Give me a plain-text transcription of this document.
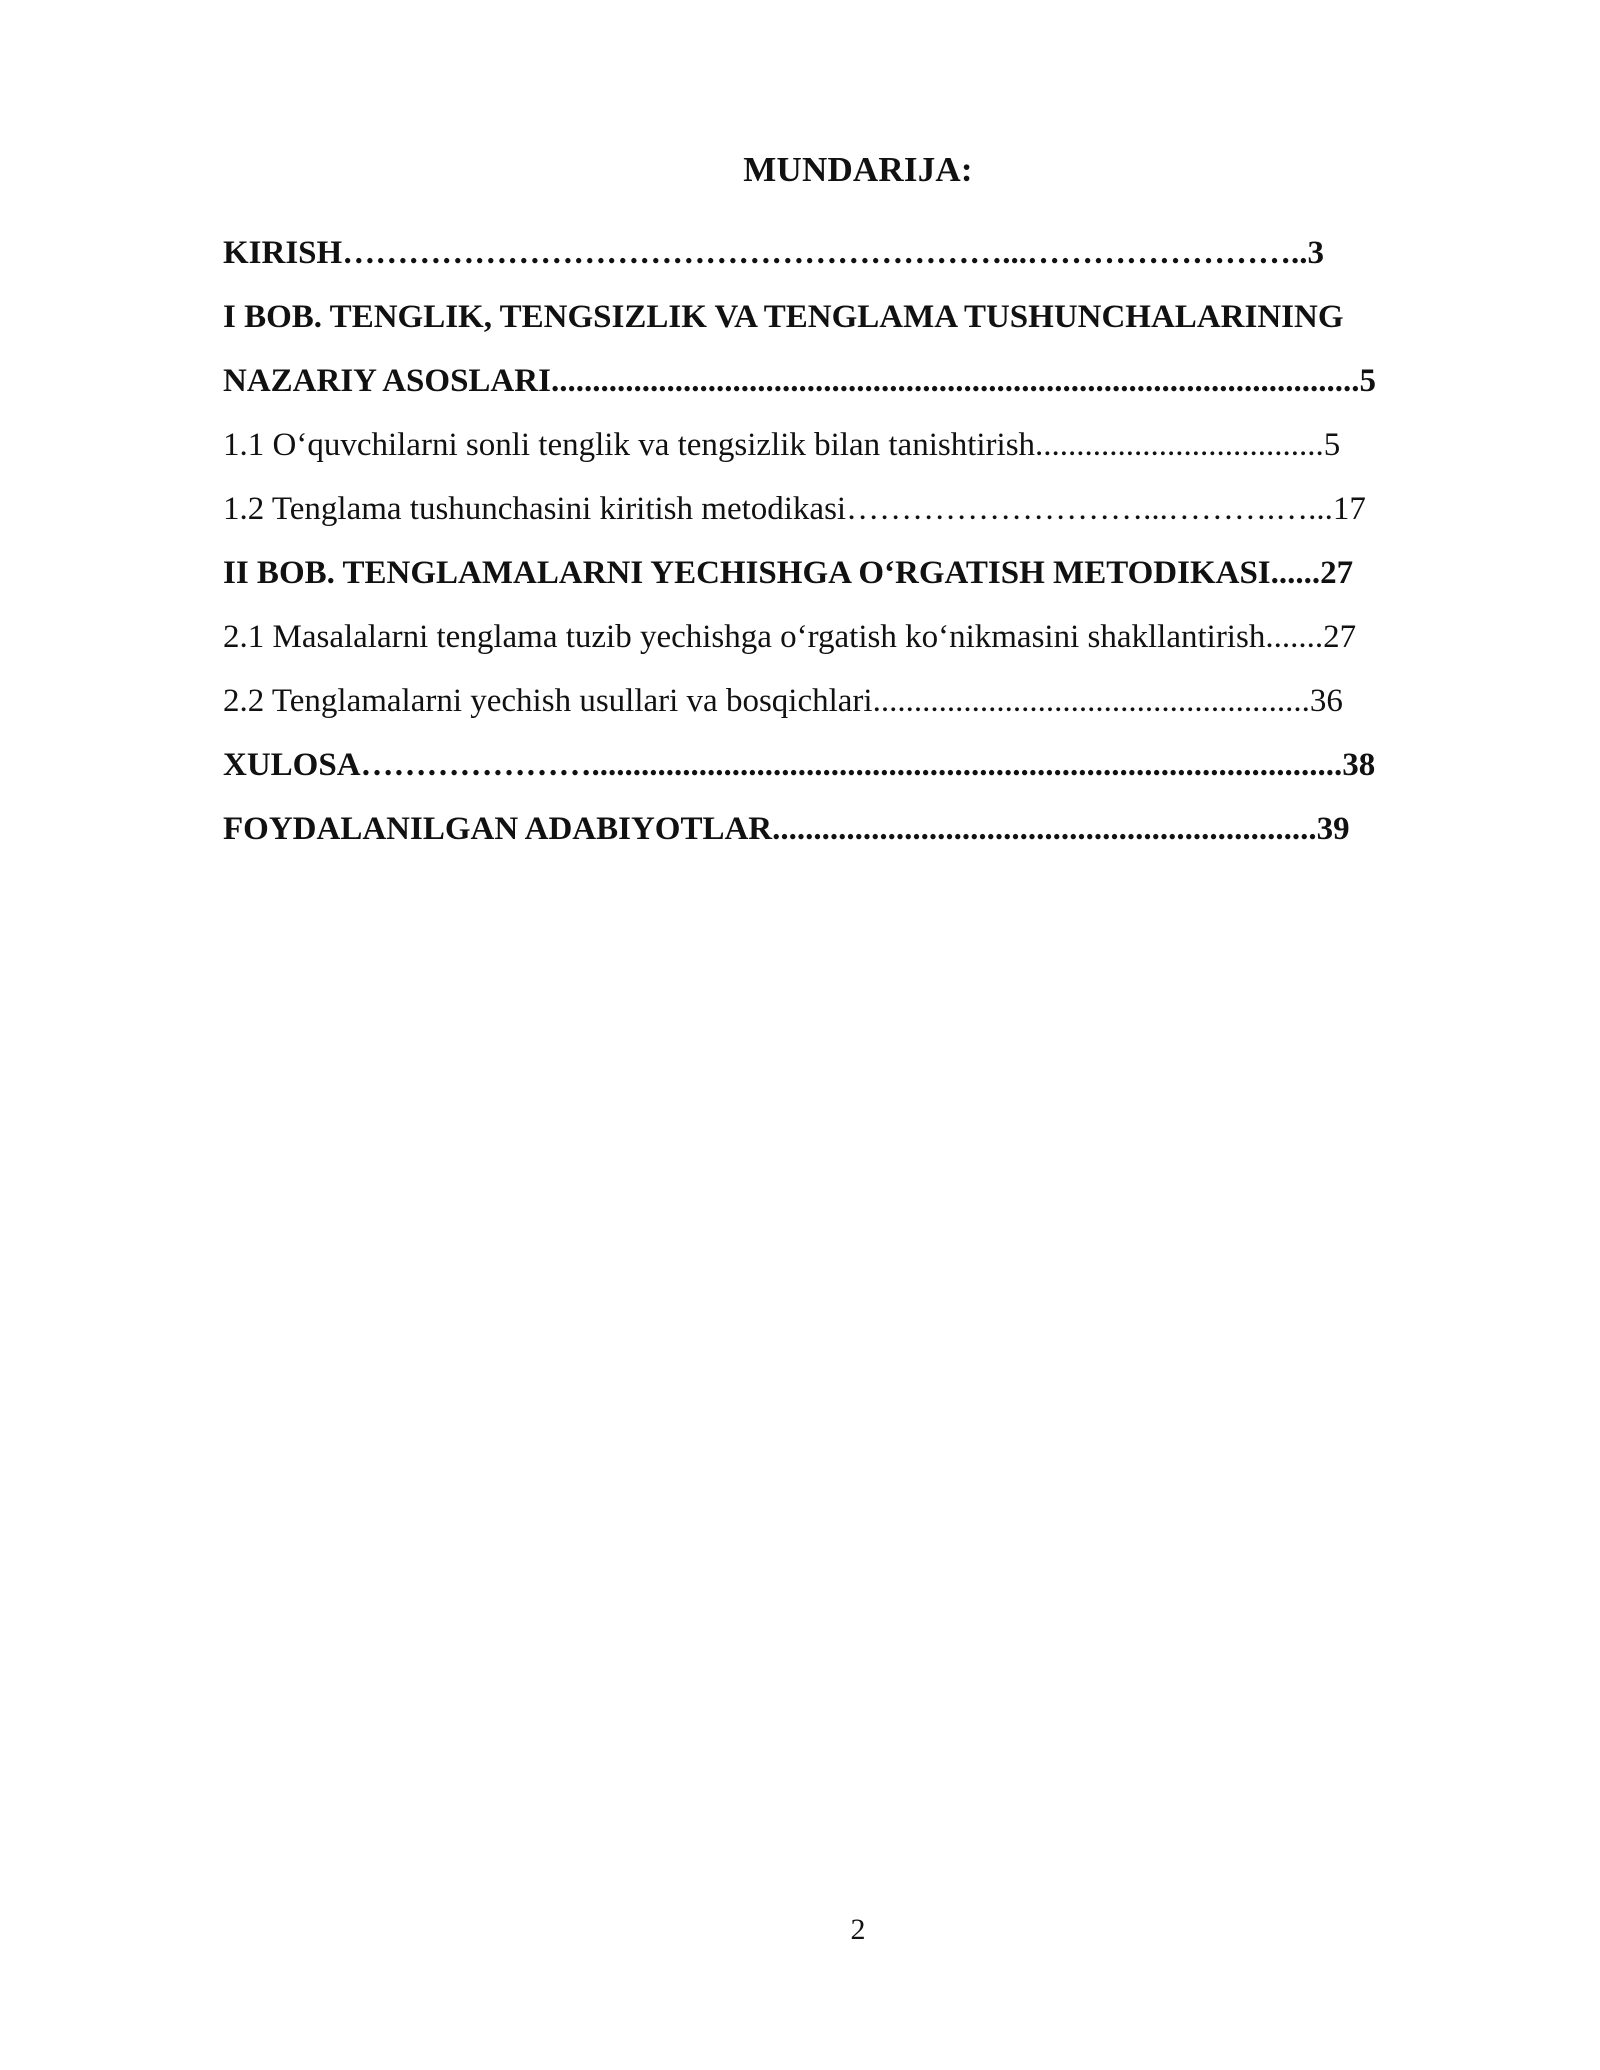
MUNDARIJA:
KIRISH……………………………………………………...……………………..3
I BOB. TENGLIK, TENGSIZLIK VA TENGLAMA TUSHUNCHALARINING
NAZARIY ASOSLARI..................................................................................................5
1.1 O‘quvchilarni sonli tenglik va tengsizlik bilan tanishtirish...................................5
1.2 Tenglama tushunchasini kiritish metodikasi………………………...……….…...17
II BOB. TENGLAMALARNI YECHISHGA O‘RGATISH METODIKASI......27
2.1 Masalalarni tenglama tuzib yechishga o‘rgatish ko‘nikmasini shakllantirish.......27
2.2 Tenglamalarni yechish usullari va bosqichlari.....................................................36
XULOSA…………………...........................................................................................38
FOYDALANILGAN ADABIYOTLAR..................................................................39
2
